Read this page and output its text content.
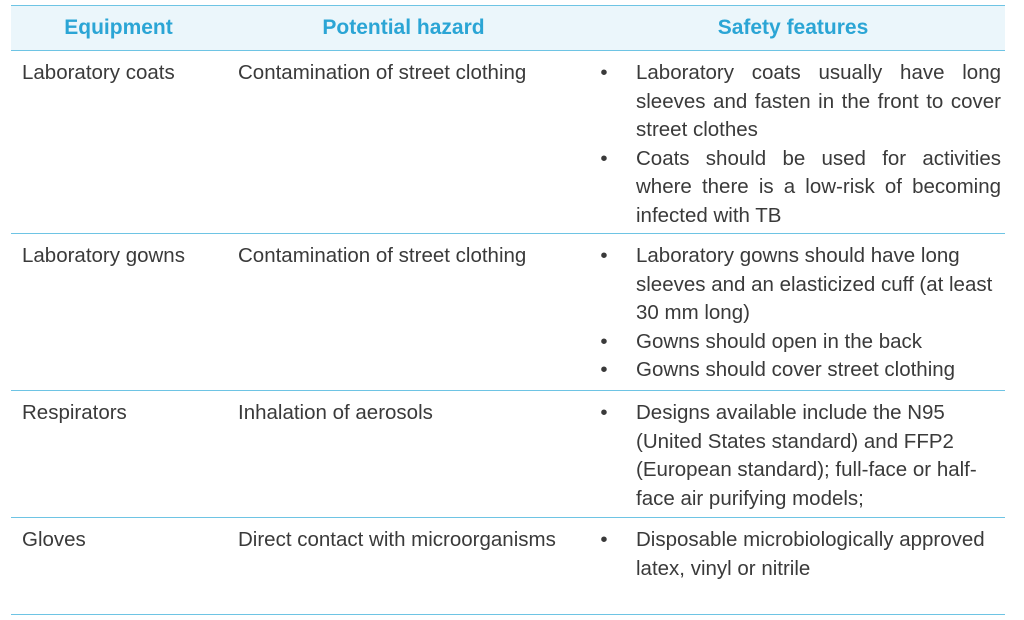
Equipment	Potential hazard	Safety features
Laboratory coats	Contamination of street clothing	• Laboratory coats usually have long sleeves and fasten in the front to cover street clothes
• Coats should be used for activities where there is a low-risk of becoming infected with TB
Laboratory gowns	Contamination of street clothing	• Laboratory gowns should have long sleeves and an elasticized cuff (at least 30 mm long)
• Gowns should open in the back
• Gowns should cover street clothing
Respirators	Inhalation of aerosols	• Designs available include the N95 (United States standard) and FFP2 (European standard); full-face or half-face air purifying models;
Gloves	Direct contact with microorganisms	• Disposable microbiologically approved latex, vinyl or nitrile
